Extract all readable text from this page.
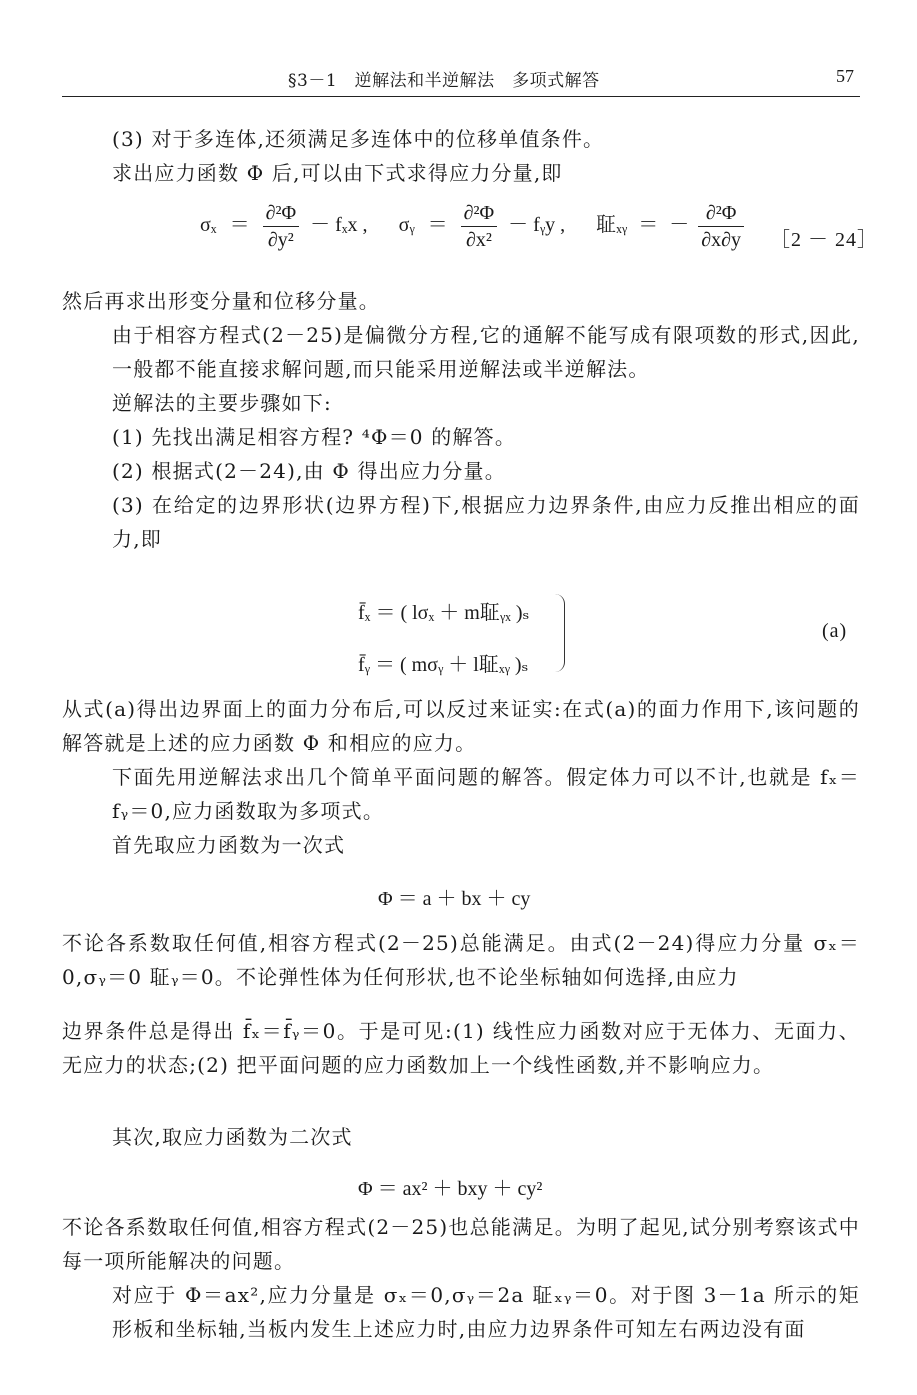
§3－1　逆解法和半逆解法　多项式解答	57
(3) 对于多连体,还须满足多连体中的位移单值条件。
求出应力函数 Φ 后,可以由下式求得应力分量,即
$\sigma_x = \frac{\text{∂²Φ}}{\text{∂y²}} - f_xx$ , σᵧ ＝ $\frac{\text{∂²Φ}}{\text{∂x²}}$ － fᵧy , 聇ₓᵧ ＝ － $\frac{\text{∂²Φ}}{\partial x\partial y}$ ［2 － 24］
然后再求出形变分量和位移分量。
由于相容方程式(2－25)是偏微分方程,它的通解不能写成有限项数的形式,因此,一般都不能直接求解问题,而只能采用逆解法或半逆解法。
逆解法的主要步骤如下:
(1) 先找出满足相容方程? ⁴Φ＝0 的解答。
(2) 根据式(2－24),由 Φ 得出应力分量。
(3) 在给定的边界形状(边界方程)下,根据应力边界条件,由应力反推出相应的面力,即
f̄ₓ ＝ ( lσₓ ＋ m聇ᵧₓ )ₛ
f̄ᵧ ＝ ( mσᵧ ＋ l聇ₓᵧ )ₛ
(a)
从式(a)得出边界面上的面力分布后,可以反过来证实:在式(a)的面力作用下,该问题的解答就是上述的应力函数 Φ 和相应的应力。
下面先用逆解法求出几个简单平面问题的解答。假定体力可以不计,也就是 fₓ＝fᵧ＝0,应力函数取为多项式。
首先取应力函数为一次式
Φ ＝ a ＋ bx ＋ cy
不论各系数取任何值,相容方程式(2－25)总能满足。由式(2－24)得应力分量 σₓ＝0,σᵧ＝0 聇ᵧ＝0。不论弹性体为任何形状,也不论坐标轴如何选择,由应力
边界条件总是得出 f̄ₓ＝f̄ᵧ＝0。于是可见:(1) 线性应力函数对应于无体力、无面力、无应力的状态;(2) 把平面问题的应力函数加上一个线性函数,并不影响应力。
其次,取应力函数为二次式
Φ ＝ ax² ＋ bxy ＋ cy²
不论各系数取任何值,相容方程式(2－25)也总能满足。为明了起见,试分别考察该式中每一项所能解决的问题。
对应于 Φ＝ax²,应力分量是 σₓ＝0,σᵧ＝2a 聇ₓᵧ＝0。对于图 3－1a 所示的矩形板和坐标轴,当板内发生上述应力时,由应力边界条件可知左右两边没有面
